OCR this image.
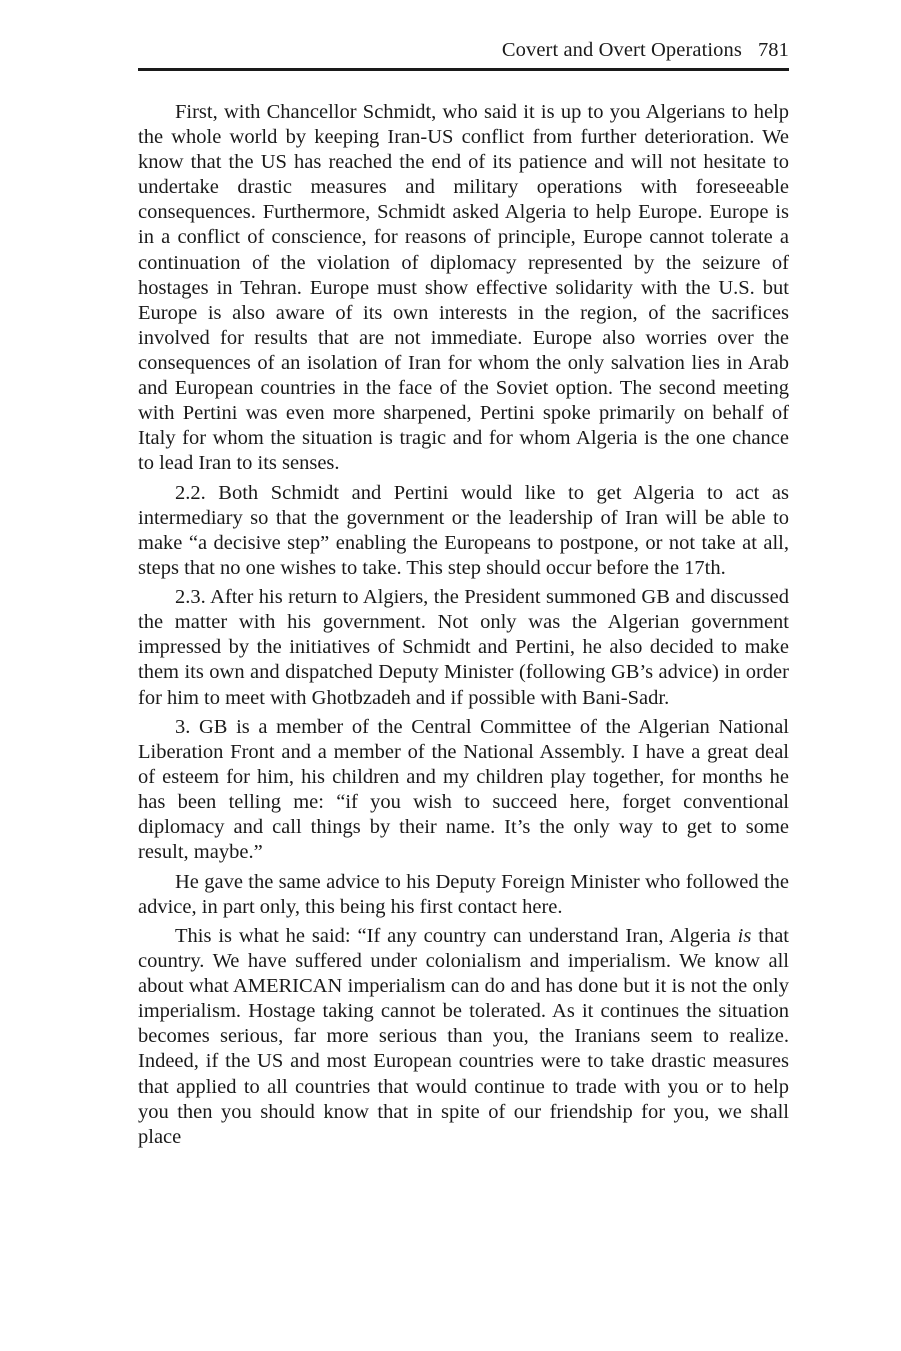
Covert and Overt Operations 781

First, with Chancellor Schmidt, who said it is up to you Algerians to help the whole world by keeping Iran-US conflict from further deterioration. We know that the US has reached the end of its patience and will not hesitate to undertake drastic measures and military operations with foreseeable consequences. Furthermore, Schmidt asked Algeria to help Europe. Europe is in a conflict of conscience, for reasons of principle, Europe cannot tolerate a continuation of the violation of diplomacy represented by the seizure of hostages in Tehran. Europe must show effective solidarity with the U.S. but Europe is also aware of its own interests in the region, of the sacrifices involved for results that are not immediate. Europe also worries over the consequences of an isolation of Iran for whom the only salvation lies in Arab and European countries in the face of the Soviet option. The second meeting with Pertini was even more sharpened, Pertini spoke primarily on behalf of Italy for whom the situation is tragic and for whom Algeria is the one chance to lead Iran to its senses.

2.2. Both Schmidt and Pertini would like to get Algeria to act as intermediary so that the government or the leadership of Iran will be able to make “a decisive step” enabling the Europeans to postpone, or not take at all, steps that no one wishes to take. This step should occur before the 17th.

2.3. After his return to Algiers, the President summoned GB and discussed the matter with his government. Not only was the Algerian government impressed by the initiatives of Schmidt and Pertini, he also decided to make them its own and dispatched Deputy Minister (following GB’s advice) in order for him to meet with Ghotbzadeh and if possible with Bani-Sadr.

3. GB is a member of the Central Committee of the Algerian National Liberation Front and a member of the National Assembly. I have a great deal of esteem for him, his children and my children play together, for months he has been telling me: “if you wish to succeed here, forget conventional diplomacy and call things by their name. It’s the only way to get to some result, maybe.”

He gave the same advice to his Deputy Foreign Minister who followed the advice, in part only, this being his first contact here.

This is what he said: “If any country can understand Iran, Algeria is that country. We have suffered under colonialism and imperialism. We know all about what AMERICAN imperialism can do and has done but it is not the only imperialism. Hostage taking cannot be tolerated. As it continues the situation becomes serious, far more serious than you, the Iranians seem to realize. Indeed, if the US and most European countries were to take drastic measures that applied to all countries that would continue to trade with you or to help you then you should know that in spite of our friendship for you, we shall place
